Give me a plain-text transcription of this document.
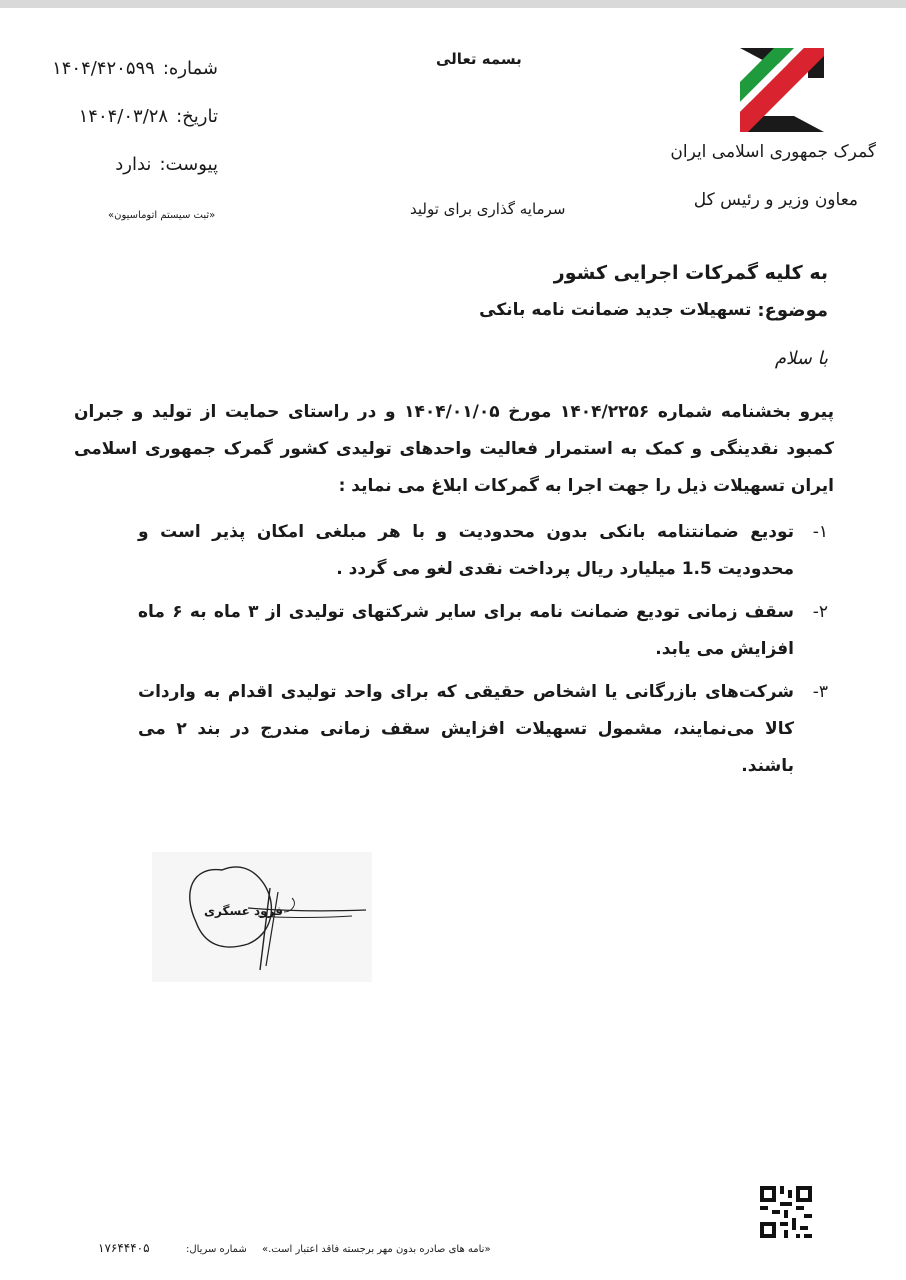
گمرک جمهوری اسلامی ایران
معاون وزیر و رئیس کل
بسمه تعالی
سرمایه گذاری برای تولید
شماره:
۱۴۰۴/۴۲۰۵۹۹
تاریخ:
۱۴۰۴/۰۳/۲۸
پیوست:
ندارد
«ثبت سیستم اتوماسیون»
به کلیه گمرکات اجرایی کشور
موضوع:
تسهیلات جدید ضمانت نامه بانکی
با سلام
پیرو بخشنامه شماره ۱۴۰۴/۲۲۵۶ مورخ ۱۴۰۴/۰۱/۰۵ و در راستای حمایت از تولید و جبران کمبود نقدینگی و کمک به استمرار فعالیت واحدهای تولیدی کشور گمرک جمهوری اسلامی ایران تسهیلات ذیل را جهت اجرا به گمرکات ابلاغ می نماید :
۱-
تودیع ضمانتنامه بانکی بدون محدودیت و با هر مبلغی امکان پذیر است و محدودیت 1.5 میلیارد ریال پرداخت نقدی لغو می گردد .
۲-
سقف زمانی تودیع ضمانت نامه برای سایر شرکتهای تولیدی از ۳ ماه به ۶ ماه افزایش می یابد.
۳-
شرکت‌های بازرگانی یا اشخاص حقیقی که برای واحد تولیدی اقدام به واردات کالا می‌نمایند، مشمول تسهیلات افزایش سقف زمانی مندرج در بند ۲ می باشند.
فرود عسگری
«نامه های صادره بدون مهر برجسته فاقد اعتبار است.»
شماره سریال:
۱۷۶۴۴۴۰۵
